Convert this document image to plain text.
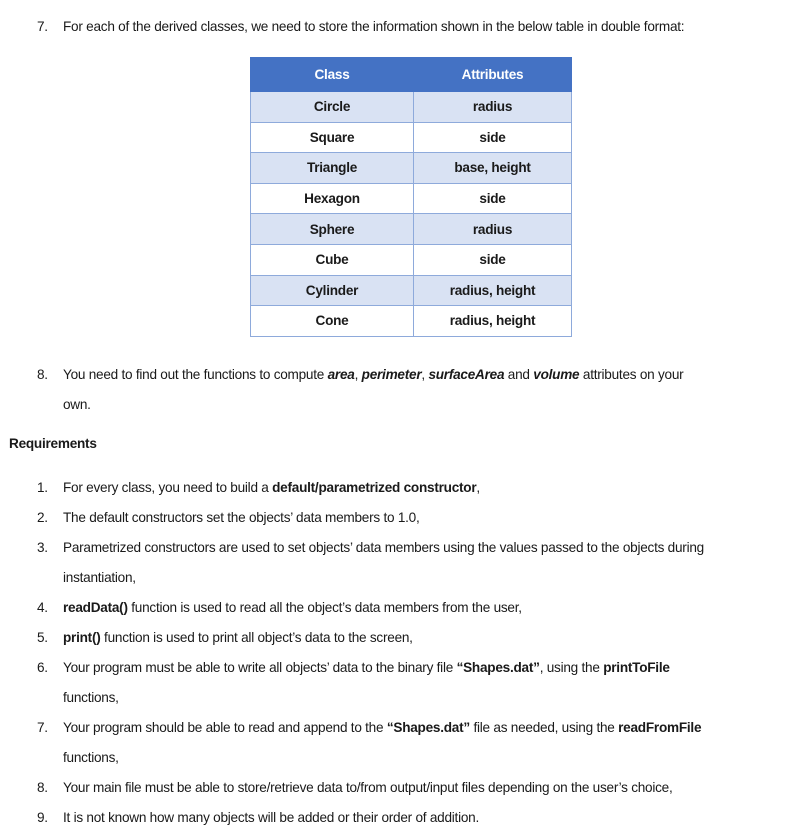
7. For each of the derived classes, we need to store the information shown in the below table in double format:
Class	Attributes
Circle	radius
Square	side
Triangle	base, height
Hexagon	side
Sphere	radius
Cube	side
Cylinder	radius, height
Cone	radius, height
8. You need to find out the functions to compute area, perimeter, surfaceArea and volume attributes on your
own.
Requirements
1. For every class, you need to build a default/parametrized constructor,
2. The default constructors set the objects’ data members to 1.0,
3. Parametrized constructors are used to set objects’ data members using the values passed to the objects during
instantiation,
4. readData() function is used to read all the object’s data members from the user,
5. print() function is used to print all object’s data to the screen,
6. Your program must be able to write all objects’ data to the binary file “Shapes.dat”, using the printToFile
functions,
7. Your program should be able to read and append to the “Shapes.dat” file as needed, using the readFromFile
functions,
8. Your main file must be able to store/retrieve data to/from output/input files depending on the user’s choice,
9. It is not known how many objects will be added or their order of addition.
